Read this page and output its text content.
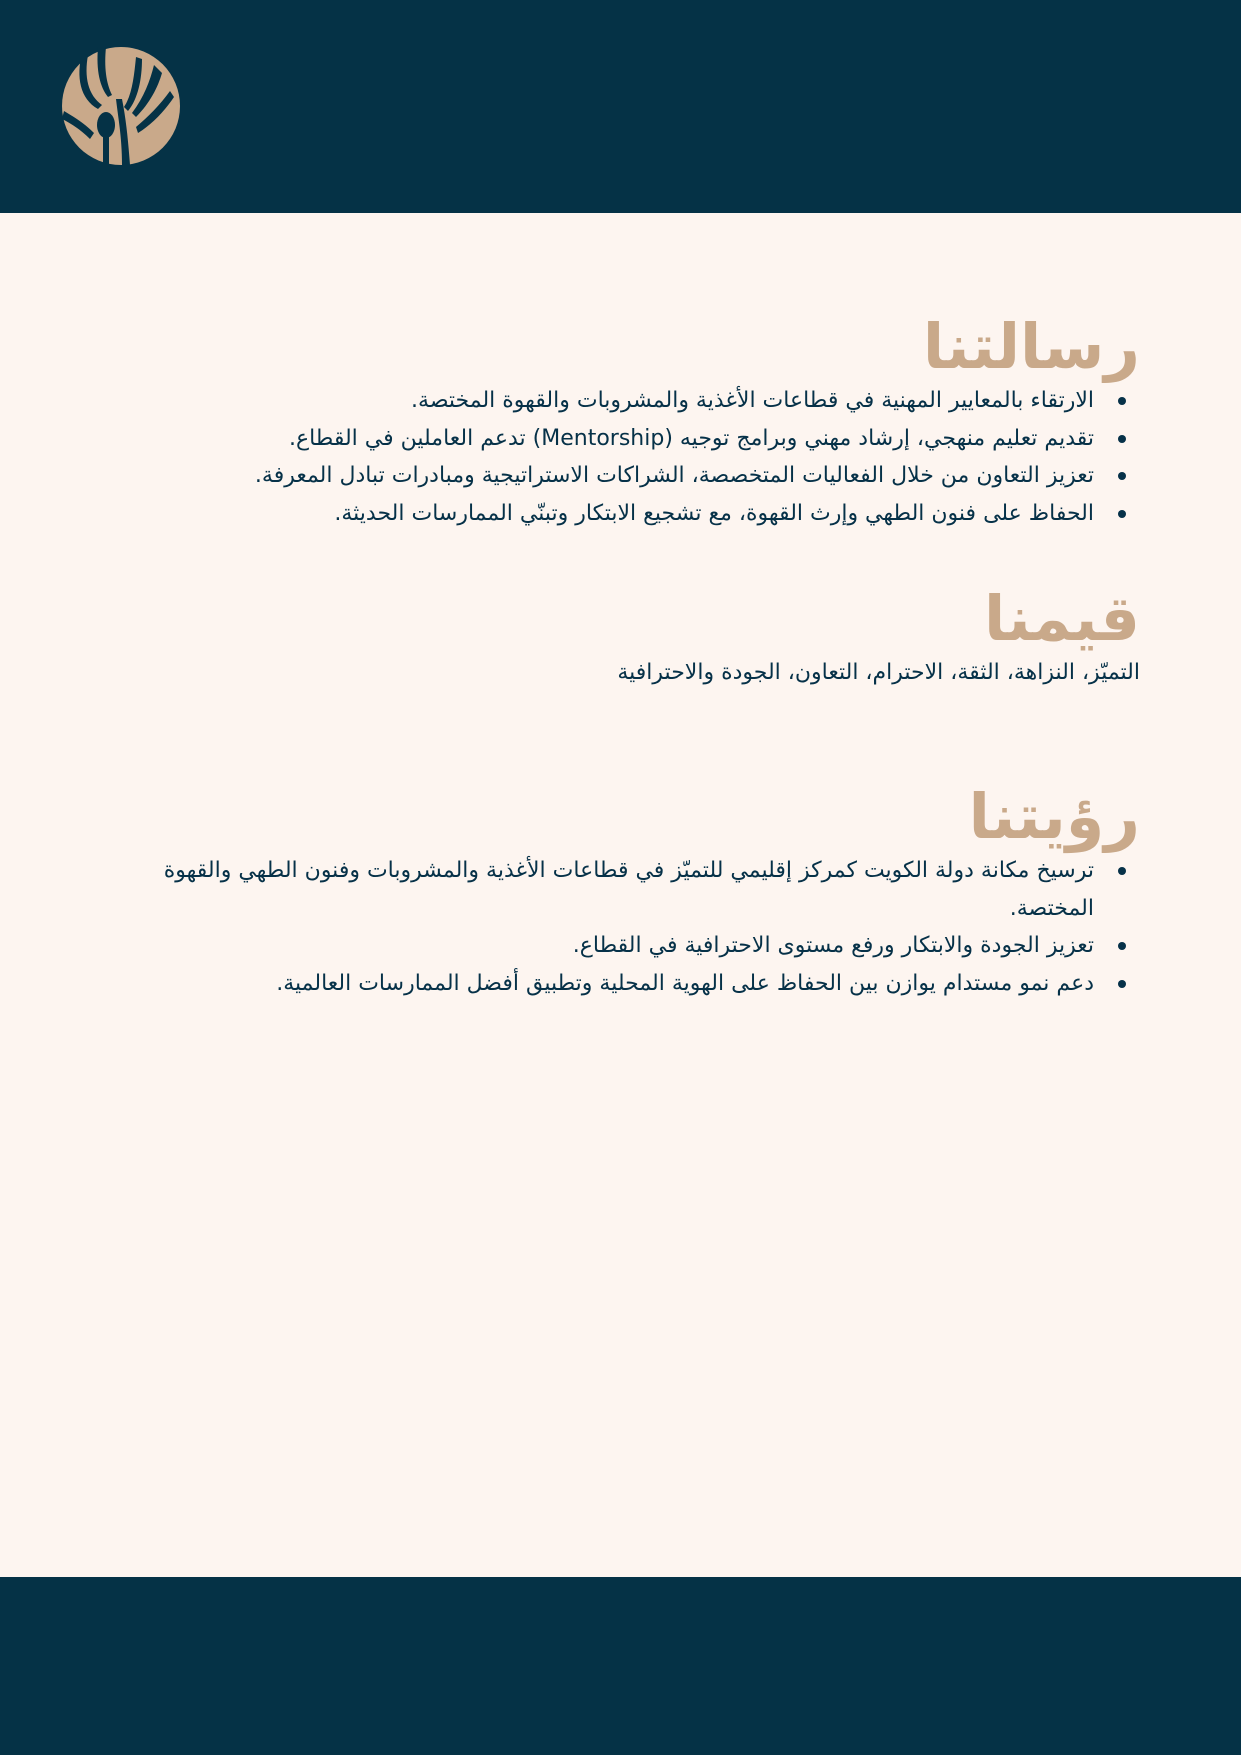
رسالتنا
الارتقاء بالمعايير المهنية في قطاعات الأغذية والمشروبات والقهوة المختصة.
تقديم تعليم منهجي، إرشاد مهني وبرامج توجيه (Mentorship) تدعم العاملين في القطاع.
تعزيز التعاون من خلال الفعاليات المتخصصة، الشراكات الاستراتيجية ومبادرات تبادل المعرفة.
الحفاظ على فنون الطهي وإرث القهوة، مع تشجيع الابتكار وتبنّي الممارسات الحديثة.
قيمنا

التميّز، النزاهة، الثقة، الاحترام، التعاون، الجودة والاحترافية

رؤيتنا
ترسيخ مكانة دولة الكويت كمركز إقليمي للتميّز في قطاعات الأغذية والمشروبات وفنون الطهي والقهوة المختصة.
تعزيز الجودة والابتكار ورفع مستوى الاحترافية في القطاع.
دعم نمو مستدام يوازن بين الحفاظ على الهوية المحلية وتطبيق أفضل الممارسات العالمية.
